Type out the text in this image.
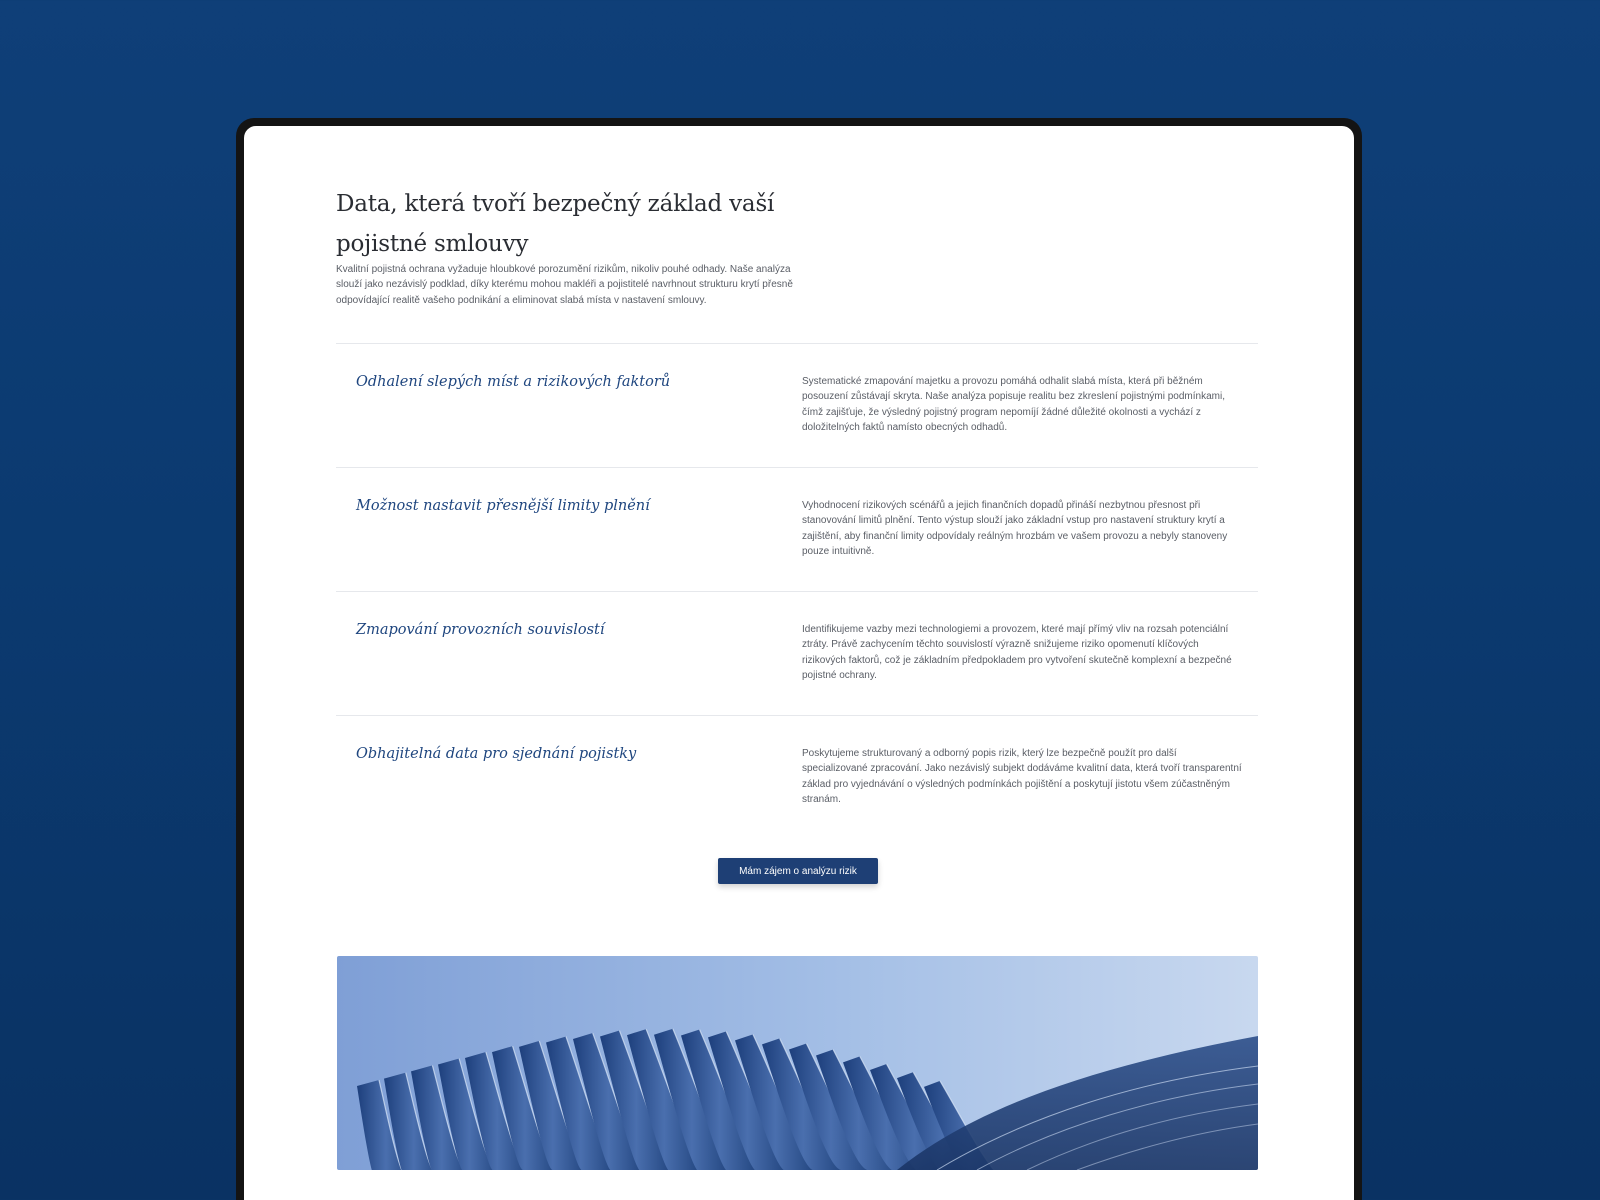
Data, která tvoří bezpečný základ vaší pojistné smlouvy

Kvalitní pojistná ochrana vyžaduje hloubkové porozumění rizikům, nikoliv pouhé odhady. Naše analýza slouží jako nezávislý podklad, díky kterému mohou makléři a pojistitelé navrhnout strukturu krytí přesně odpovídající realitě vašeho podnikání a eliminovat slabá místa v nastavení smlouvy.

Odhalení slepých míst a rizikových faktorů	Systematické zmapování majetku a provozu pomáhá odhalit slabá místa, která při běžném posouzení zůstávají skryta. Naše analýza popisuje realitu bez zkreslení pojistnými podmínkami, čímž zajišťuje, že výsledný pojistný program nepomíjí žádné důležité okolnosti a vychází z doložitelných faktů namísto obecných odhadů.

Možnost nastavit přesnější limity plnění	Vyhodnocení rizikových scénářů a jejich finančních dopadů přináší nezbytnou přesnost při stanovování limitů plnění. Tento výstup slouží jako základní vstup pro nastavení struktury krytí a zajištění, aby finanční limity odpovídaly reálným hrozbám ve vašem provozu a nebyly stanoveny pouze intuitivně.

Zmapování provozních souvislostí	Identifikujeme vazby mezi technologiemi a provozem, které mají přímý vliv na rozsah potenciální ztráty. Právě zachycením těchto souvislostí výrazně snižujeme riziko opomenutí klíčových rizikových faktorů, což je základním předpokladem pro vytvoření skutečně komplexní a bezpečné pojistné ochrany.

Obhajitelná data pro sjednání pojistky	Poskytujeme strukturovaný a odborný popis rizik, který lze bezpečně použít pro další specializované zpracování. Jako nezávislý subjekt dodáváme kvalitní data, která tvoří transparentní základ pro vyjednávání o výsledných podmínkách pojištění a poskytují jistotu všem zúčastněným stranám.

Mám zájem o analýzu rizik
